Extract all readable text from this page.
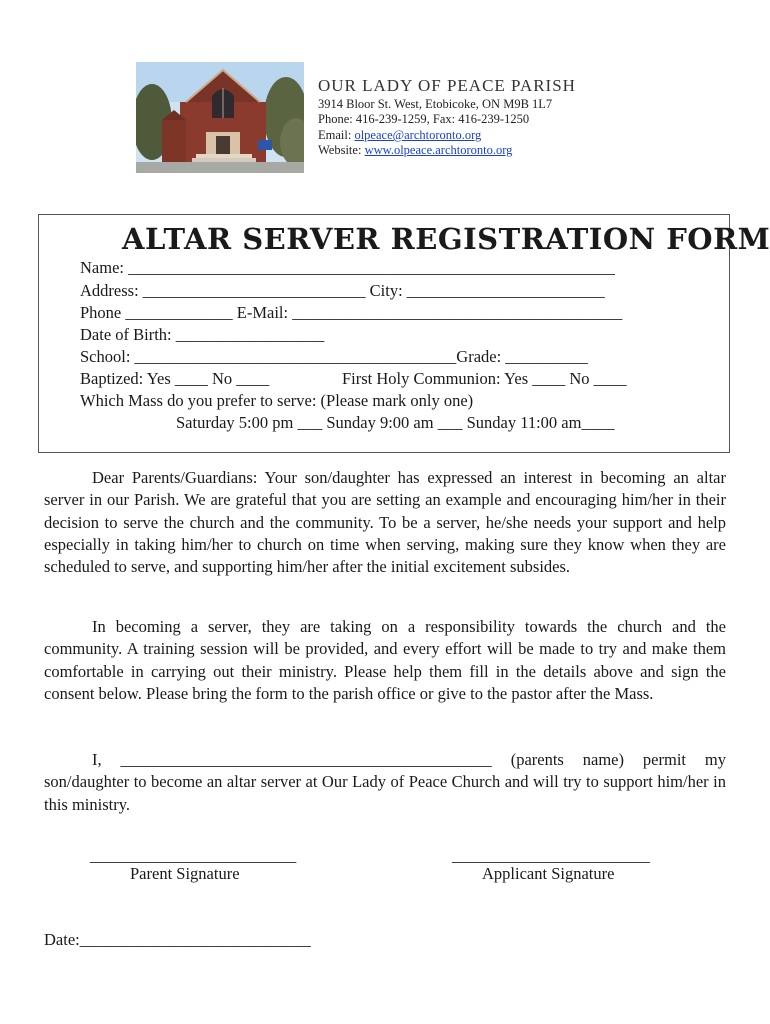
OUR LADY OF PEACE PARISH
3914 Bloor St. West, Etobicoke, ON M9B 1L7
Phone: 416-239-1259, Fax: 416-239-1250
Email: olpeace@archtoronto.org
Website: www.olpeace.archtoronto.org
ALTAR SERVER REGISTRATION FORM
Name: ___________________________________________________________
Address: ___________________________ City: ________________________
Phone _____________ E-Mail: ________________________________________
Date of Birth: __________________
School: _______________________________________Grade: __________
Baptized: Yes ____ No ____	First Holy Communion: Yes ____ No ____
Which Mass do you prefer to serve: (Please mark only one)
Saturday 5:00 pm ___ Sunday 9:00 am ___ Sunday 11:00 am____

Dear Parents/Guardians: Your son/daughter has expressed an interest in becoming an altar server in our Parish. We are grateful that you are setting an example and encouraging him/her in their decision to serve the church and the community. To be a server, he/she needs your support and help especially in taking him/her to church on time when serving, making sure they know when they are scheduled to serve, and supporting him/her after the initial excitement subsides.

In becoming a server, they are taking on a responsibility towards the church and the community. A training session will be provided, and every effort will be made to try and make them comfortable in carrying out their ministry. Please help them fill in the details above and sign the consent below. Please bring the form to the parish office or give to the pastor after the Mass.

I, _____________________________________________ (parents name) permit my son/daughter to become an altar server at Our Lady of Peace Church and will try to support him/her in this ministry.

_________________________
Parent Signature
________________________
Applicant Signature
Date:____________________________
